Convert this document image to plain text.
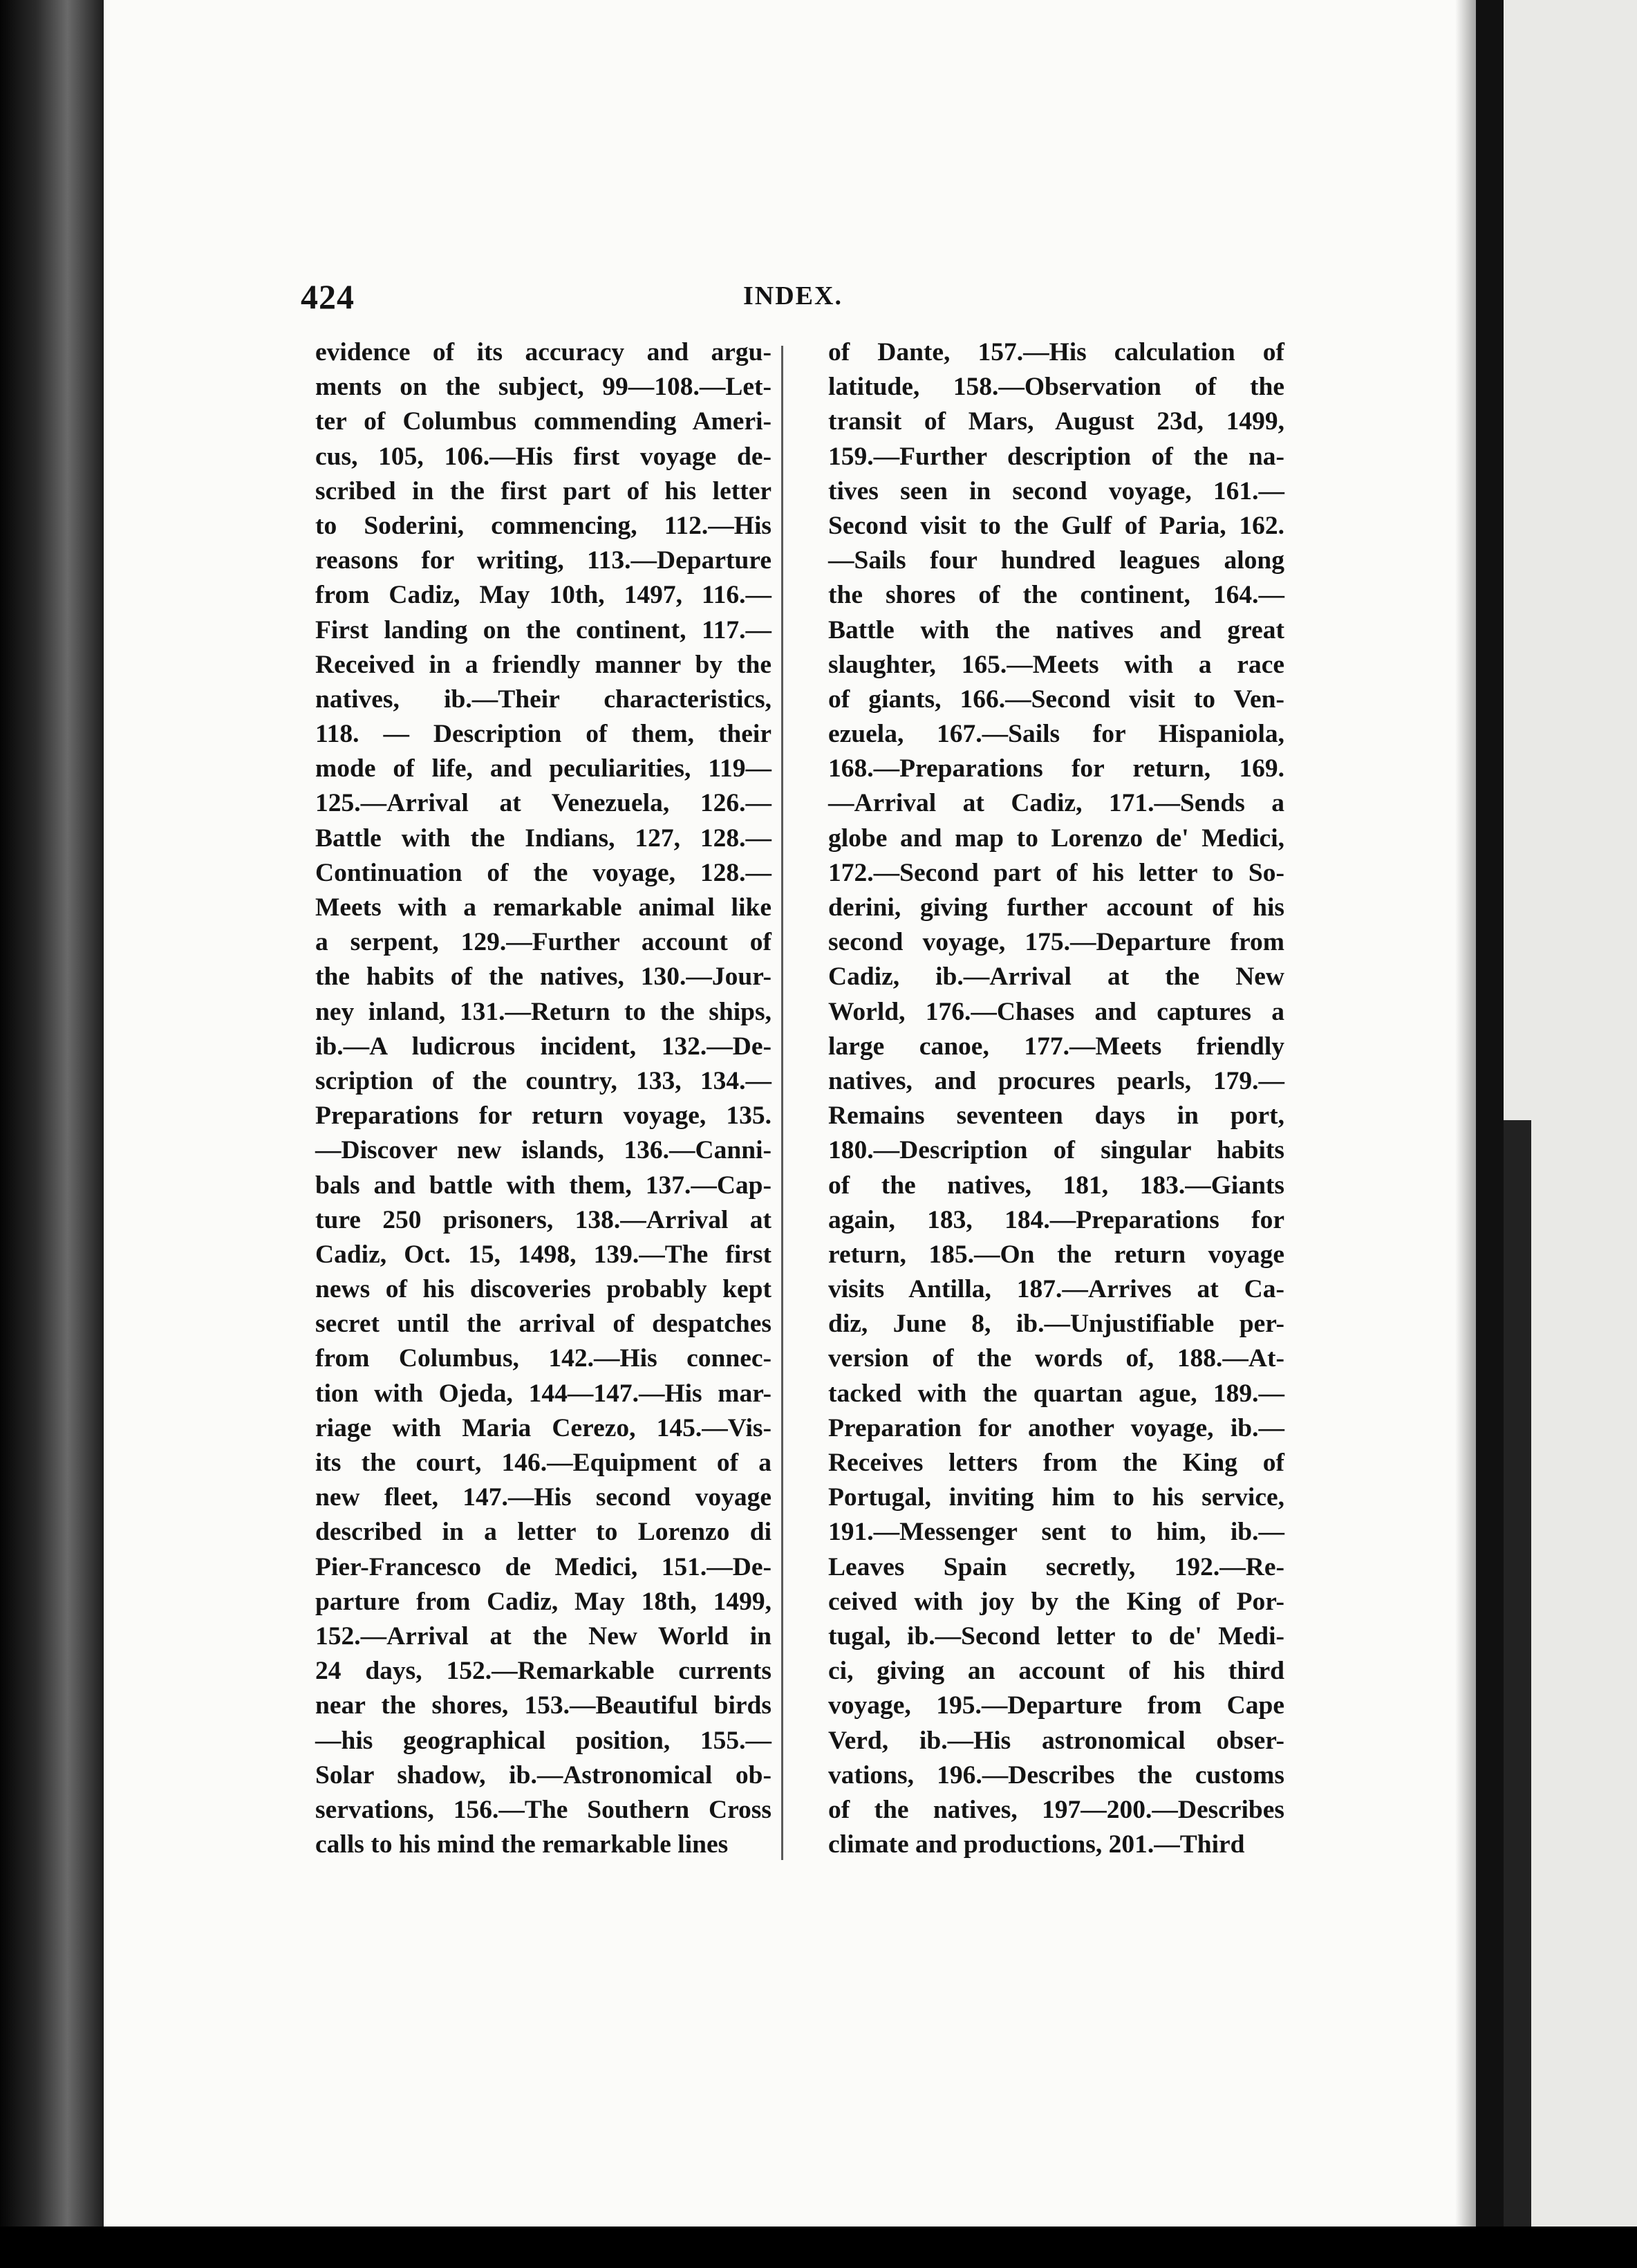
424	INDEX.
evidence of its accuracy and argu-
ments on the subject, 99—108.—Let-
ter of Columbus commending Ameri-
cus, 105, 106.—His first voyage de-
scribed in the first part of his letter
to Soderini, commencing, 112.—His
reasons for writing, 113.—Departure
from Cadiz, May 10th, 1497, 116.—
First landing on the continent, 117.—
Received in a friendly manner by the
natives, ib.—Their characteristics,
118. — Description of them, their
mode of life, and peculiarities, 119—
125.—Arrival at Venezuela, 126.—
Battle with the Indians, 127, 128.—
Continuation of the voyage, 128.—
Meets with a remarkable animal like
a serpent, 129.—Further account of
the habits of the natives, 130.—Jour-
ney inland, 131.—Return to the ships,
ib.—A ludicrous incident, 132.—De-
scription of the country, 133, 134.—
Preparations for return voyage, 135.
—Discover new islands, 136.—Canni-
bals and battle with them, 137.—Cap-
ture 250 prisoners, 138.—Arrival at
Cadiz, Oct. 15, 1498, 139.—The first
news of his discoveries probably kept
secret until the arrival of despatches
from Columbus, 142.—His connec-
tion with Ojeda, 144—147.—His mar-
riage with Maria Cerezo, 145.—Vis-
its the court, 146.—Equipment of a
new fleet, 147.—His second voyage
described in a letter to Lorenzo di
Pier-Francesco de Medici, 151.—De-
parture from Cadiz, May 18th, 1499,
152.—Arrival at the New World in
24 days, 152.—Remarkable currents
near the shores, 153.—Beautiful birds
—his geographical position, 155.—
Solar shadow, ib.—Astronomical ob-
servations, 156.—The Southern Cross
calls to his mind the remarkable lines
of Dante, 157.—His calculation of
latitude, 158.—Observation of the
transit of Mars, August 23d, 1499,
159.—Further description of the na-
tives seen in second voyage, 161.—
Second visit to the Gulf of Paria, 162.
—Sails four hundred leagues along
the shores of the continent, 164.—
Battle with the natives and great
slaughter, 165.—Meets with a race
of giants, 166.—Second visit to Ven-
ezuela, 167.—Sails for Hispaniola,
168.—Preparations for return, 169.
—Arrival at Cadiz, 171.—Sends a
globe and map to Lorenzo de' Medici,
172.—Second part of his letter to So-
derini, giving further account of his
second voyage, 175.—Departure from
Cadiz, ib.—Arrival at the New
World, 176.—Chases and captures a
large canoe, 177.—Meets friendly
natives, and procures pearls, 179.—
Remains seventeen days in port,
180.—Description of singular habits
of the natives, 181, 183.—Giants
again, 183, 184.—Preparations for
return, 185.—On the return voyage
visits Antilla, 187.—Arrives at Ca-
diz, June 8, ib.—Unjustifiable per-
version of the words of, 188.—At-
tacked with the quartan ague, 189.—
Preparation for another voyage, ib.—
Receives letters from the King of
Portugal, inviting him to his service,
191.—Messenger sent to him, ib.—
Leaves Spain secretly, 192.—Re-
ceived with joy by the King of Por-
tugal, ib.—Second letter to de' Medi-
ci, giving an account of his third
voyage, 195.—Departure from Cape
Verd, ib.—His astronomical obser-
vations, 196.—Describes the customs
of the natives, 197—200.—Describes
climate and productions, 201.—Third
